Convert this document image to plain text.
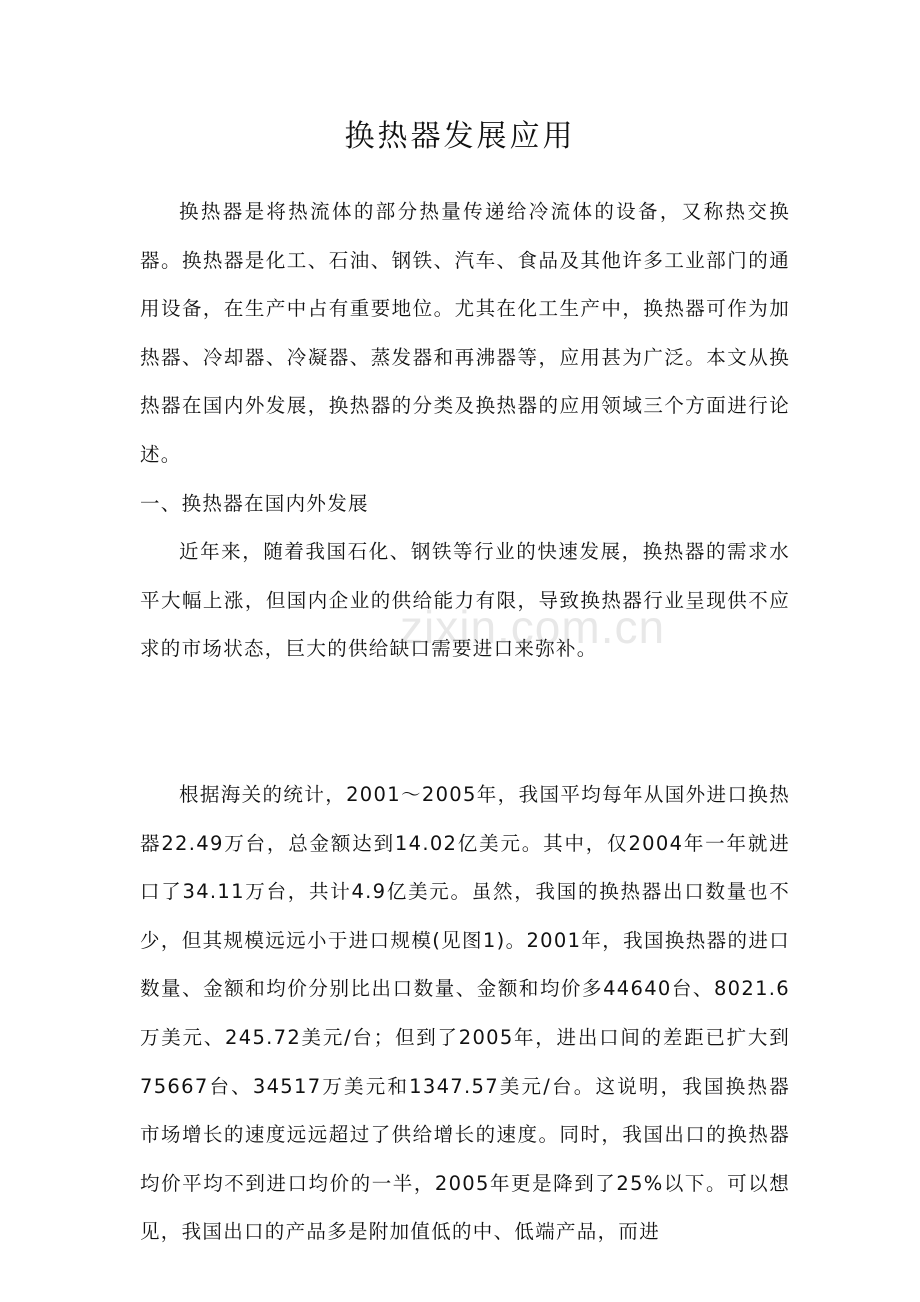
换热器发展应用

换热器是将热流体的部分热量传递给冷流体的设备，又称热交换器。换热器是化工、石油、钢铁、汽车、食品及其他许多工业部门的通用设备，在生产中占有重要地位。尤其在化工生产中，换热器可作为加热器、冷却器、冷凝器、蒸发器和再沸器等，应用甚为广泛。本文从换热器在国内外发展，换热器的分类及换热器的应用领域三个方面进行论述。

一、换热器在国内外发展

近年来，随着我国石化、钢铁等行业的快速发展，换热器的需求水平大幅上涨，但国内企业的供给能力有限，导致换热器行业呈现供不应求的市场状态，巨大的供给缺口需要进口来弥补。

根据海关的统计，2001～2005年，我国平均每年从国外进口换热器22.49万台，总金额达到14.02亿美元。其中，仅2004年一年就进口了34.11万台，共计4.9亿美元。虽然，我国的换热器出口数量也不少，但其规模远远小于进口规模(见图1)。2001年，我国换热器的进口数量、金额和均价分别比出口数量、金额和均价多44640台、8021.6万美元、245.72美元/台；但到了2005年，进出口间的差距已扩大到75667台、34517万美元和1347.57美元/台。这说明，我国换热器市场增长的速度远远超过了供给增长的速度。同时，我国出口的换热器均价平均不到进口均价的一半，2005年更是降到了25%以下。可以想见，我国出口的产品多是附加值低的中、低端产品，而进

zixin.com.cn
